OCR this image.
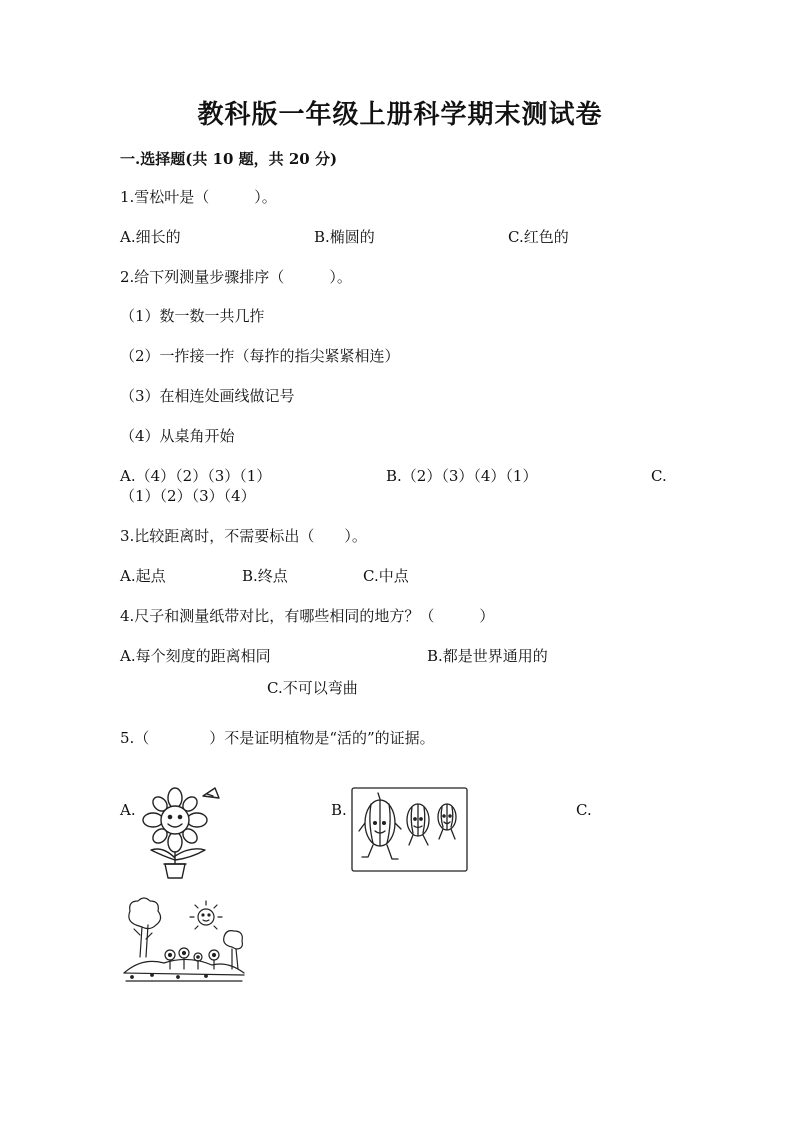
教科版一年级上册科学期末测试卷
一.选择题(共 10 题，共 20 分)
1.雪松叶是（　　　）。
A.细长的	B.椭圆的	C.红色的
2.给下列测量步骤排序（　　　）。
（1）数一数一共几拃
（2）一拃接一拃（每拃的指尖紧紧相连）
（3）在相连处画线做记号
（4）从桌角开始
A.（4）（2）（3）（1）	B.（2）（3）（4）（1）	C.
（1）（2）（3）（4）
3.比较距离时，不需要标出（　　）。
A.起点	B.终点	C.中点
4.尺子和测量纸带对比，有哪些相同的地方？（　　　）
A.每个刻度的距离相同	B.都是世界通用的
C.不可以弯曲
5.（　　　　）不是证明植物是“活的”的证据。
A.	B.	C.
